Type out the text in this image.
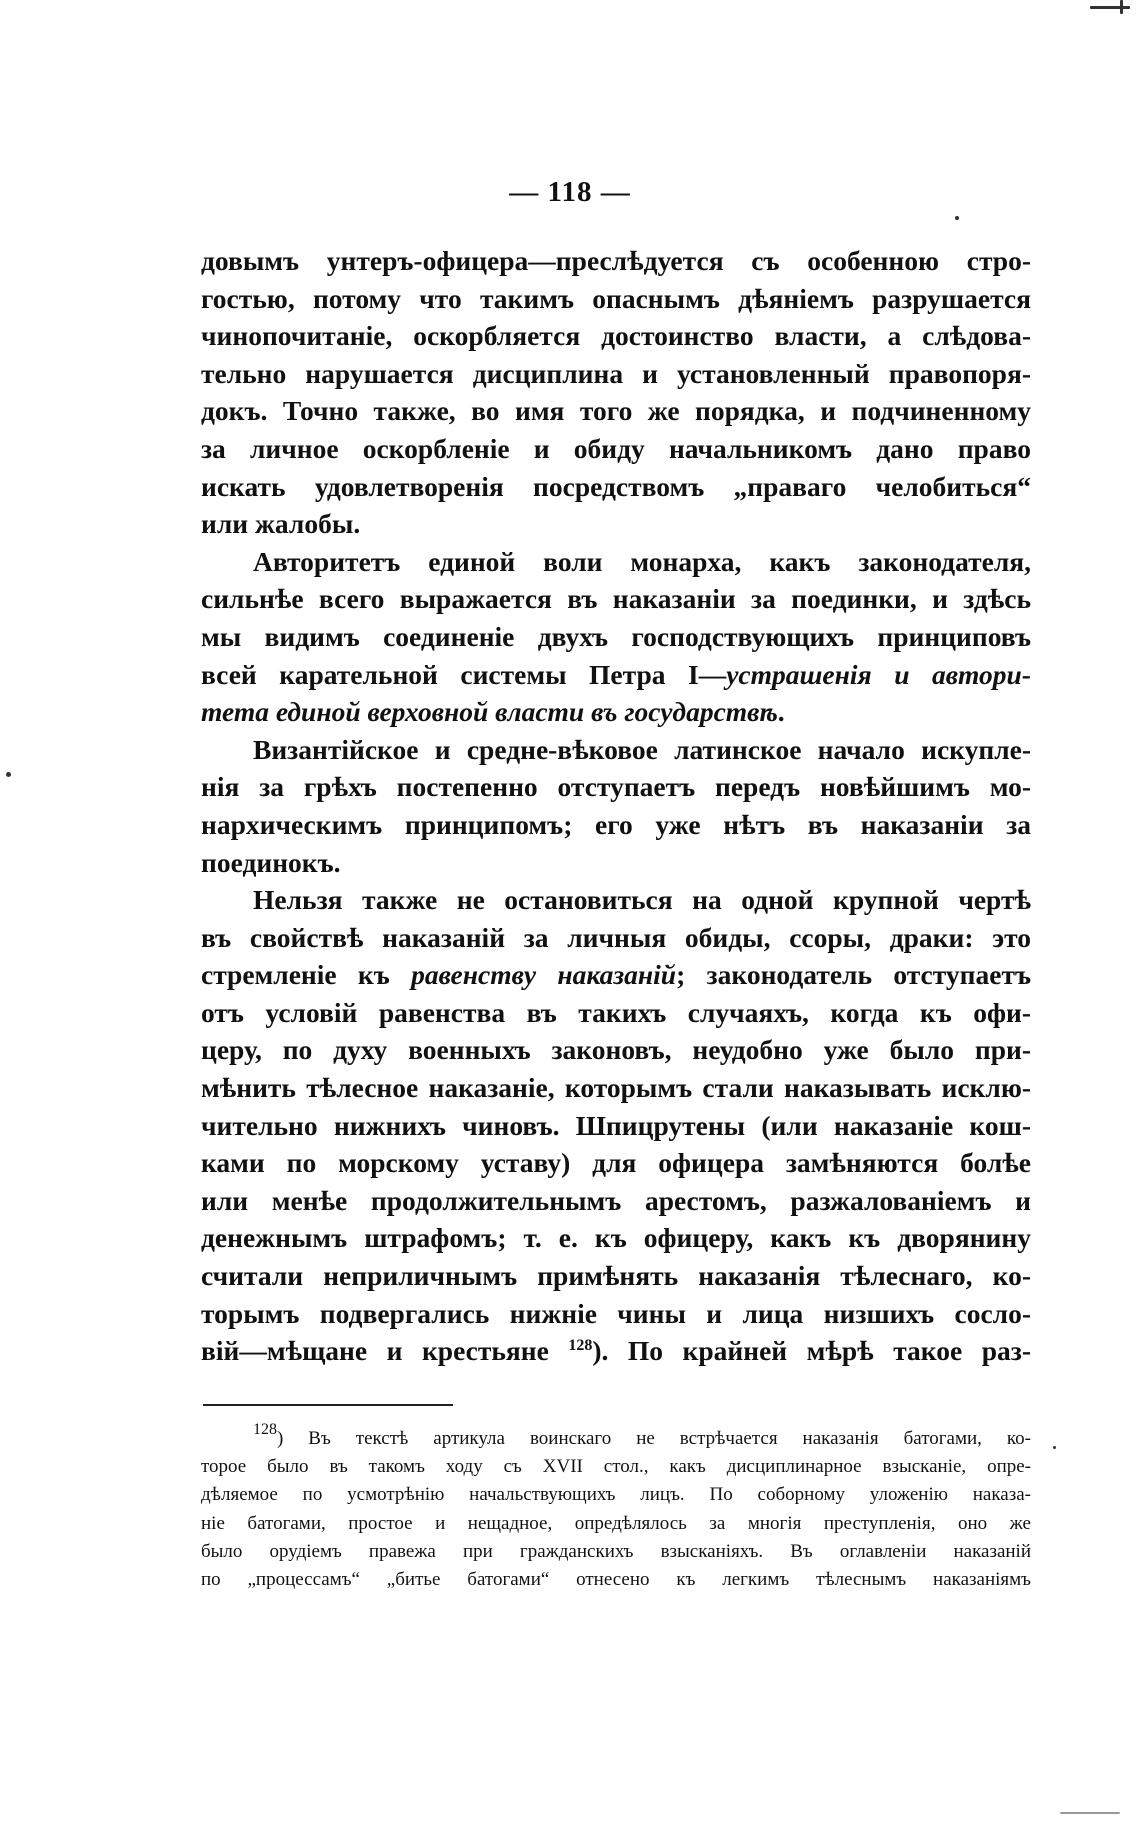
— 118 —
довымъ унтеръ-офицера—преслѣдуется съ особенною стро-
гостью, потому что такимъ опаснымъ дѣяніемъ разрушается
чинопочитаніе, оскорбляется достоинство власти, а слѣдова-
тельно нарушается дисциплина и установленный правопоря-
докъ. Точно также, во имя того же порядка, и подчиненному
за личное оскорбленіе и обиду начальникомъ дано право
искать удовлетворенія посредствомъ „праваго челобиться“
или жалобы.
Авторитетъ единой воли монарха, какъ законодателя,
сильнѣе всего выражается въ наказаніи за поединки, и здѣсь
мы видимъ соединеніе двухъ господствующихъ принциповъ
всей карательной системы Петра I—устрашенія и автори-
тета единой верховной власти въ государствѣ.
Византійское и средне-вѣковое латинское начало искупле-
нія за грѣхъ постепенно отступаетъ передъ новѣйшимъ мо-
нархическимъ принципомъ; его уже нѣтъ въ наказаніи за
поединокъ.
Нельзя также не остановиться на одной крупной чертѣ
въ свойствѣ наказаній за личныя обиды, ссоры, драки: это
стремленіе къ равенству наказаній; законодатель отступаетъ
отъ условій равенства въ такихъ случаяхъ, когда къ офи-
церу, по духу военныхъ законовъ, неудобно уже было при-
мѣнить тѣлесное наказаніе, которымъ стали наказывать исклю-
чительно нижнихъ чиновъ. Шпицрутены (или наказаніе кош-
ками по морскому уставу) для офицера замѣняются болѣе
или менѣе продолжительнымъ арестомъ, разжалованіемъ и
денежнымъ штрафомъ; т. е. къ офицеру, какъ къ дворянину
считали неприличнымъ примѣнять наказанія тѣлеснаго, ко-
торымъ подвергались нижніе чины и лица низшихъ сосло-
вій—мѣщане и крестьяне $^{128}$). По крайней мѣрѣ такое раз-
$^{128}$) Въ текстѣ артикула воинскаго не встрѣчается наказанія батогами, ко-
торое было въ такомъ ходу съ XVII стол., какъ дисциплинарное взысканіе, опре-
дѣляемое по усмотрѣнію начальствующихъ лицъ. По соборному уложенію наказа-
ніе батогами, простое и нещадное, опредѣлялось за многія преступленія, оно же
было орудіемъ правежа при гражданскихъ взысканіяхъ. Въ оглавленіи наказаній
по „процессамъ“ „битье батогами“ отнесено къ легкимъ тѣлеснымъ наказаніямъ
